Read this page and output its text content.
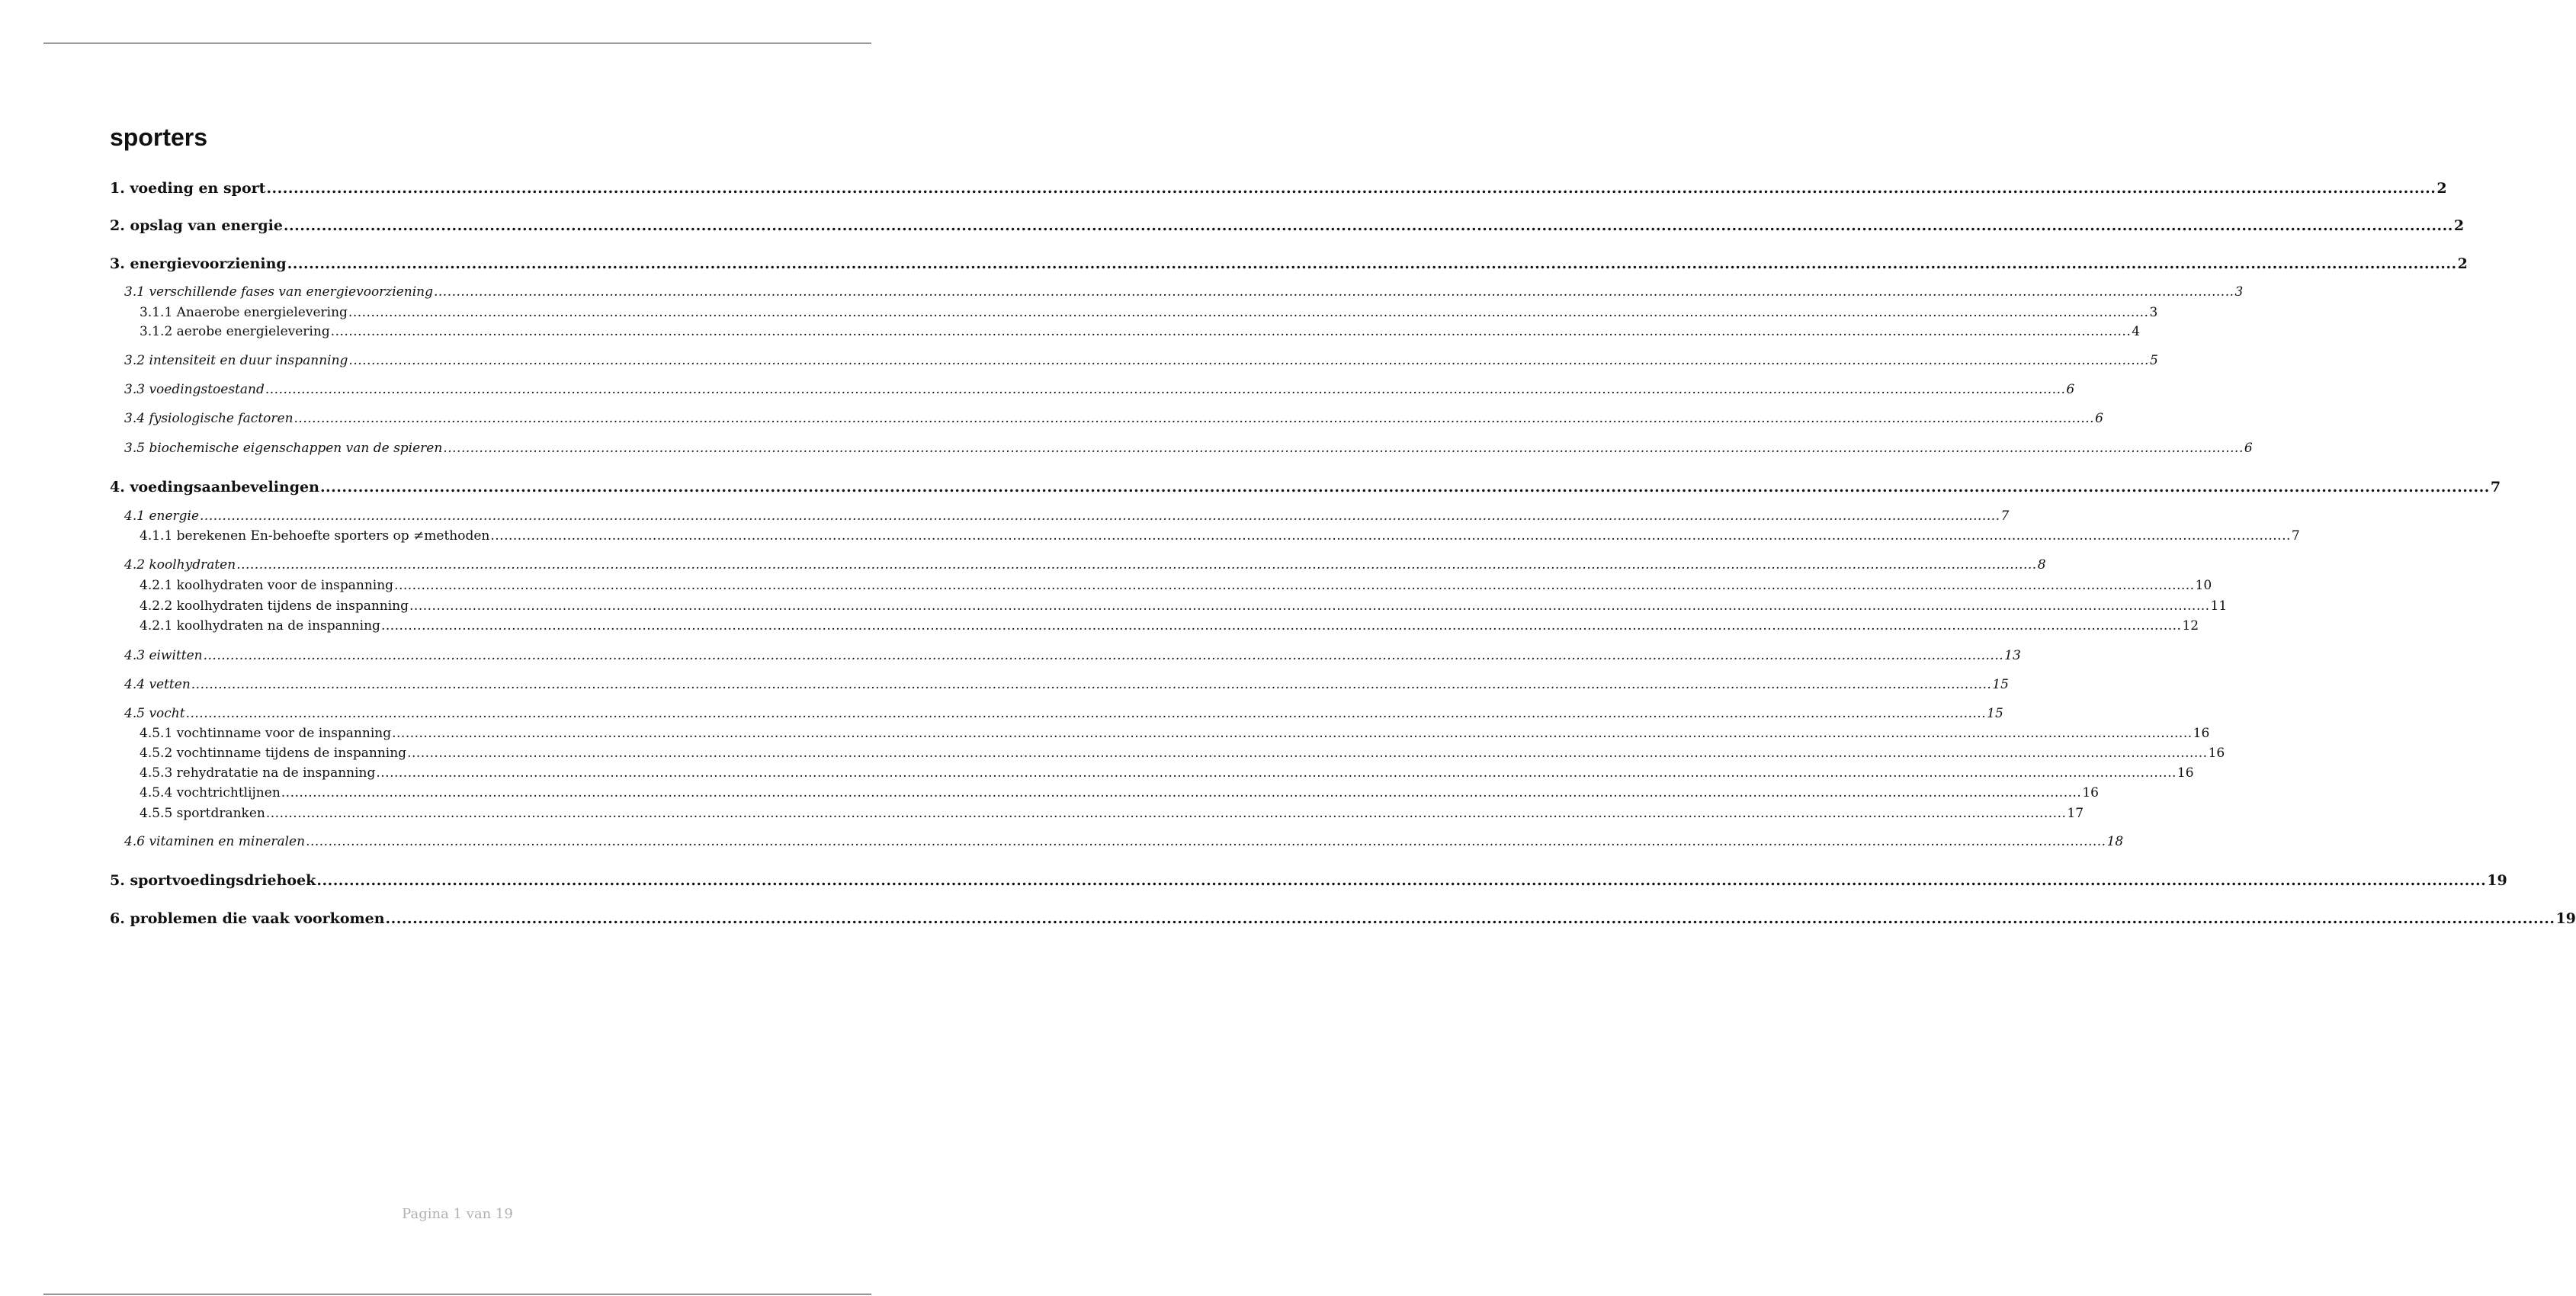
sporters
1. voeding en sport ................................................................................................................................................................................................................................................................................................................................................................................................................ 2
2. opslag van energie ................................................................................................................................................................................................................................................................................................................................................................................................................ 2
3. energievoorziening ................................................................................................................................................................................................................................................................................................................................................................................................................ 2
3.1 verschillende fases van energievoorziening ................................................................................................................................................................................................................................................................................................................................................................................................................ 3
3.1.1 Anaerobe energielevering ................................................................................................................................................................................................................................................................................................................................................................................................................ 3
3.1.2 aerobe energielevering ................................................................................................................................................................................................................................................................................................................................................................................................................ 4
3.2 intensiteit en duur inspanning ................................................................................................................................................................................................................................................................................................................................................................................................................ 5
3.3 voedingstoestand ................................................................................................................................................................................................................................................................................................................................................................................................................ 6
3.4 fysiologische factoren ................................................................................................................................................................................................................................................................................................................................................................................................................ 6
3.5 biochemische eigenschappen van de spieren ................................................................................................................................................................................................................................................................................................................................................................................................................ 6
4. voedingsaanbevelingen ................................................................................................................................................................................................................................................................................................................................................................................................................ 7
4.1 energie ................................................................................................................................................................................................................................................................................................................................................................................................................ 7
4.1.1 berekenen En-behoefte sporters op ≠methoden ................................................................................................................................................................................................................................................................................................................................................................................................................ 7
4.2 koolhydraten ................................................................................................................................................................................................................................................................................................................................................................................................................ 8
4.2.1 koolhydraten voor de inspanning ................................................................................................................................................................................................................................................................................................................................................................................................................ 10
4.2.2 koolhydraten tijdens de inspanning ................................................................................................................................................................................................................................................................................................................................................................................................................ 11
4.2.1 koolhydraten na de inspanning ................................................................................................................................................................................................................................................................................................................................................................................................................ 12
4.3 eiwitten ................................................................................................................................................................................................................................................................................................................................................................................................................ 13
4.4 vetten ................................................................................................................................................................................................................................................................................................................................................................................................................ 15
4.5 vocht ................................................................................................................................................................................................................................................................................................................................................................................................................ 15
4.5.1 vochtinname voor de inspanning ................................................................................................................................................................................................................................................................................................................................................................................................................ 16
4.5.2 vochtinname tijdens de inspanning ................................................................................................................................................................................................................................................................................................................................................................................................................ 16
4.5.3 rehydratatie na de inspanning ................................................................................................................................................................................................................................................................................................................................................................................................................ 16
4.5.4 vochtrichtlijnen ................................................................................................................................................................................................................................................................................................................................................................................................................ 16
4.5.5 sportdranken ................................................................................................................................................................................................................................................................................................................................................................................................................ 17
4.6 vitaminen en mineralen ................................................................................................................................................................................................................................................................................................................................................................................................................ 18
5. sportvoedingsdriehoek ................................................................................................................................................................................................................................................................................................................................................................................................................ 19
6. problemen die vaak voorkomen ................................................................................................................................................................................................................................................................................................................................................................................................................ 19
Pagina 1 van 19
